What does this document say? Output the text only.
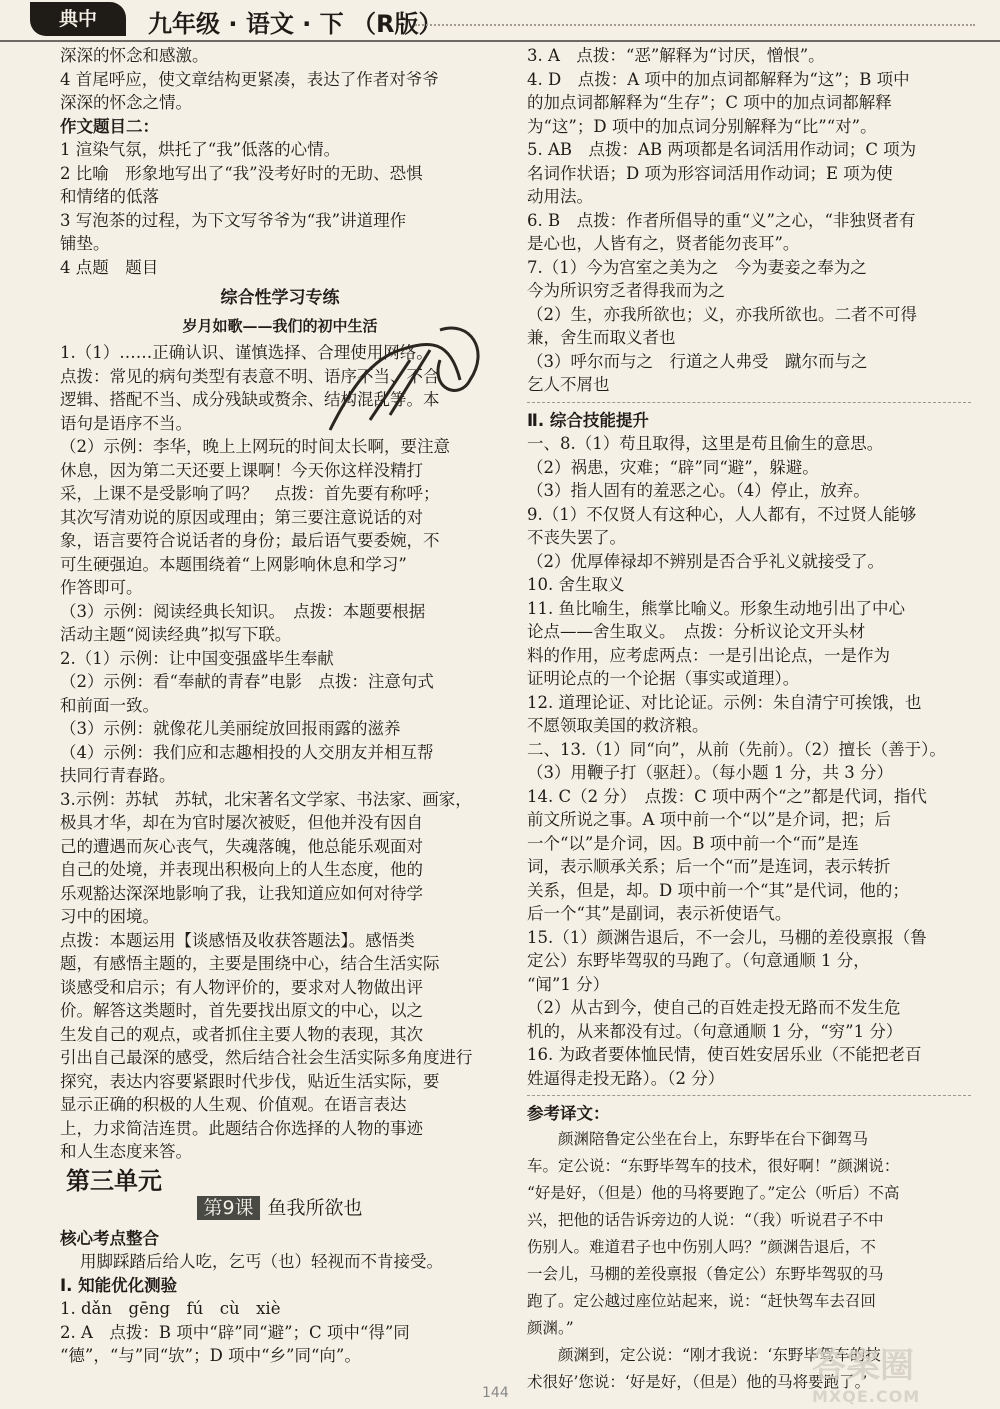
典中	九年级 · 语文 · 下 （R版）
深深的怀念和感激。
4 首尾呼应，使文章结构更紧凑，表达了作者对爷爷
深深的怀念之情。
作文题目二：
1 渲染气氛，烘托了“我”低落的心情。
2 比喻　形象地写出了“我”没考好时的无助、恐惧
和情绪的低落
3 写泡茶的过程，为下文写爷爷为“我”讲道理作
铺垫。
4 点题　题目
综合性学习专练
岁月如歌——我们的初中生活
1.（1）……正确认识、谨慎选择、合理使用网络。
点拨：常见的病句类型有表意不明、语序不当、不合
逻辑、搭配不当、成分残缺或赘余、结构混乱等。本
语句是语序不当。
（2）示例：李华，晚上上网玩的时间太长啊，要注意
休息，因为第二天还要上课啊！今天你这样没精打
采，上课不是受影响了吗？　点拨：首先要有称呼；
其次写清劝说的原因或理由；第三要注意说话的对
象，语言要符合说话者的身份；最后语气要委婉，不
可生硬强迫。本题围绕着“上网影响休息和学习”
作答即可。
（3）示例：阅读经典长知识。　点拨：本题要根据
活动主题“阅读经典”拟写下联。
2.（1）示例：让中国变强盛毕生奉献
（2）示例：看“奉献的青春”电影　点拨：注意句式
和前面一致。
（3）示例：就像花儿美丽绽放回报雨露的滋养
（4）示例：我们应和志趣相投的人交朋友并相互帮
扶同行青春路。
3.示例：苏轼　苏轼，北宋著名文学家、书法家、画家，
极具才华，却在为官时屡次被贬，但他并没有因自
己的遭遇而灰心丧气，失魂落魄，他总能乐观面对
自己的处境，并表现出积极向上的人生态度，他的
乐观豁达深深地影响了我，让我知道应如何对待学
习中的困境。
点拨：本题运用【谈感悟及收获答题法】。感悟类
题，有感悟主题的，主要是围绕中心，结合生活实际
谈感受和启示；有人物评价的，要求对人物做出评
价。解答这类题时，首先要找出原文的中心，以之
生发自己的观点，或者抓住主要人物的表现，其次
引出自己最深的感受，然后结合社会生活实际多角度进行
探究，表达内容要紧跟时代步伐，贴近生活实际，要
显示正确的积极的人生观、价值观。在语言表达
上，力求简洁连贯。此题结合你选择的人物的事迹
和人生态度来答。
第三单元
第9课 鱼我所欲也
核心考点整合
用脚踩踏后给人吃，乞丐（也）轻视而不肯接受。
Ⅰ. 知能优化测验
1. dǎn　gēng　fú　cù　xiè
2. A　点拨：B 项中“辟”同“避”；C 项中“得”同
“德”，“与”同“欤”；D 项中“乡”同“向”。
3. A　点拨：“恶”解释为“讨厌，憎恨”。
4. D　点拨：A 项中的加点词都解释为“这”；B 项中
的加点词都解释为“生存”；C 项中的加点词都解释
为“这”；D 项中的加点词分别解释为“比”“对”。
5. AB　点拨：AB 两项都是名词活用作动词；C 项为
名词作状语；D 项为形容词活用作动词；E 项为使
动用法。
6. B　点拨：作者所倡导的重“义”之心，“非独贤者有
是心也，人皆有之，贤者能勿丧耳”。
7.（1）今为宫室之美为之　今为妻妾之奉为之
今为所识穷乏者得我而为之
（2）生，亦我所欲也；义，亦我所欲也。二者不可得
兼，舍生而取义者也
（3）呼尔而与之　行道之人弗受　蹴尔而与之
乞人不屑也
Ⅱ. 综合技能提升
一、8.（1）苟且取得，这里是苟且偷生的意思。
（2）祸患，灾难；“辟”同“避”，躲避。
（3）指人固有的羞恶之心。（4）停止，放弃。
9.（1）不仅贤人有这种心，人人都有，不过贤人能够
不丧失罢了。
（2）优厚俸禄却不辨别是否合乎礼义就接受了。
10. 舍生取义
11. 鱼比喻生，熊掌比喻义。形象生动地引出了中心
论点——舍生取义。　点拨：分析议论文开头材
料的作用，应考虑两点：一是引出论点，一是作为
证明论点的一个论据（事实或道理）。
12. 道理论证、对比论证。示例：朱自清宁可挨饿，也
不愿领取美国的救济粮。
二、13.（1）同“向”，从前（先前）。（2）擅长（善于）。
（3）用鞭子打（驱赶）。（每小题 1 分，共 3 分）
14. C（2 分）　点拨：C 项中两个“之”都是代词，指代
前文所说之事。A 项中前一个“以”是介词，把；后
一个“以”是介词，因。B 项中前一个“而”是连
词，表示顺承关系；后一个“而”是连词，表示转折
关系，但是，却。D 项中前一个“其”是代词，他的；
后一个“其”是副词，表示祈使语气。
15.（1）颜渊告退后，不一会儿，马棚的差役禀报（鲁
定公）东野毕驾驭的马跑了。（句意通顺 1 分，
“闻”1 分）
（2）从古到今，使自己的百姓走投无路而不发生危
机的，从来都没有过。（句意通顺 1 分，“穷”1 分）
16. 为政者要体恤民情，使百姓安居乐业（不能把老百
姓逼得走投无路）。（2 分）
参考译文：
　　颜渊陪鲁定公坐在台上，东野毕在台下御驾马
车。定公说：“东野毕驾车的技术，很好啊！”颜渊说：
“好是好，（但是）他的马将要跑了。”定公（听后）不高
兴，把他的话告诉旁边的人说：“（我）听说君子不中
伤别人。难道君子也中伤别人吗？”颜渊告退后，不
一会儿，马棚的差役禀报（鲁定公）东野毕驾驭的马
跑了。定公越过座位站起来，说：“赶快驾车去召回
颜渊。”
　　颜渊到，定公说：“刚才我说：‘东野毕驾车的技
术很好’您说：‘好是好，（但是）他的马将要跑了。’
答案圈
MXQE.COM
144
